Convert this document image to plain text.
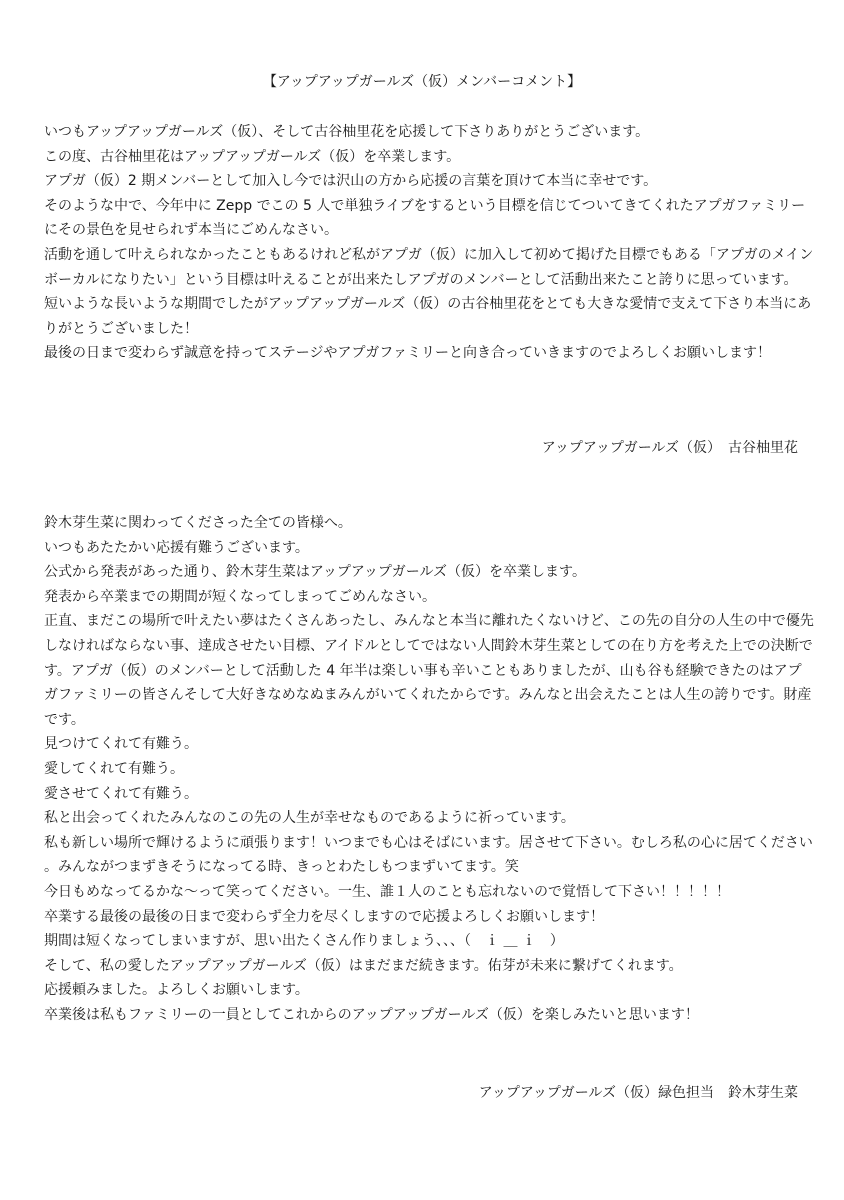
【アップアップガールズ（仮）メンバーコメント】

いつもアップアップガールズ（仮）、そして古谷柚里花を応援して下さりありがとうございます。

この度、古谷柚里花はアップアップガールズ（仮）を卒業します。

アプガ（仮）2 期メンバーとして加入し今では沢山の方から応援の言葉を頂けて本当に幸せです。

そのような中で、今年中に Zepp でこの 5 人で単独ライブをするという目標を信じてついてきてくれたアプガファミリーにその景色を見せられず本当にごめんなさい。

活動を通して叶えられなかったこともあるけれど私がアプガ（仮）に加入して初めて掲げた目標でもある「アプガのメインボーカルになりたい」という目標は叶えることが出来たしアプガのメンバーとして活動出来たこと誇りに思っています。

短いような長いような期間でしたがアップアップガールズ（仮）の古谷柚里花をとても大きな愛情で支えて下さり本当にありがとうございました！

最後の日まで変わらず誠意を持ってステージやアプガファミリーと向き合っていきますのでよろしくお願いします！

アップアップガールズ（仮）　古谷柚里花

鈴木芽生菜に関わってくださった全ての皆様へ。

いつもあたたかい応援有難うございます。

公式から発表があった通り、鈴木芽生菜はアップアップガールズ（仮）を卒業します。

発表から卒業までの期間が短くなってしまってごめんなさい。

正直、まだこの場所で叶えたい夢はたくさんあったし、みんなと本当に離れたくないけど、この先の自分の人生の中で優先しなければならない事、達成させたい目標、アイドルとしてではない人間鈴木芽生菜としての在り方を考えた上での決断です。アプガ（仮）のメンバーとして活動した 4 年半は楽しい事も辛いこともありましたが、山も谷も経験できたのはアプガファミリーの皆さんそして大好きなめなぬまみんがいてくれたからです。みんなと出会えたことは人生の誇りです。財産です。

見つけてくれて有難う。

愛してくれて有難う。

愛させてくれて有難う。

私と出会ってくれたみんなのこの先の人生が幸せなものであるように祈っています。

私も新しい場所で輝けるように頑張ります！いつまでも心はそばにいます。居させて下さい。むしろ私の心に居てください。みんながつまずきそうになってる時、きっとわたしもつまずいてます。笑

今日もめなってるかな〜って笑ってください。一生、誰１人のことも忘れないので覚悟して下さい！！！！！

卒業する最後の最後の日まで変わらず全力を尽くしますので応援よろしくお願いします！

期間は短くなってしまいますが、思い出たくさん作りましょう、、、（　ｉ ＿ ｉ　）

そして、私の愛したアップアップガールズ（仮）はまだまだ続きます。佑芽が未来に繋げてくれます。

応援頼みました。よろしくお願いします。

卒業後は私もファミリーの一員としてこれからのアップアップガールズ（仮）を楽しみたいと思います！

アップアップガールズ（仮）緑色担当　鈴木芽生菜
